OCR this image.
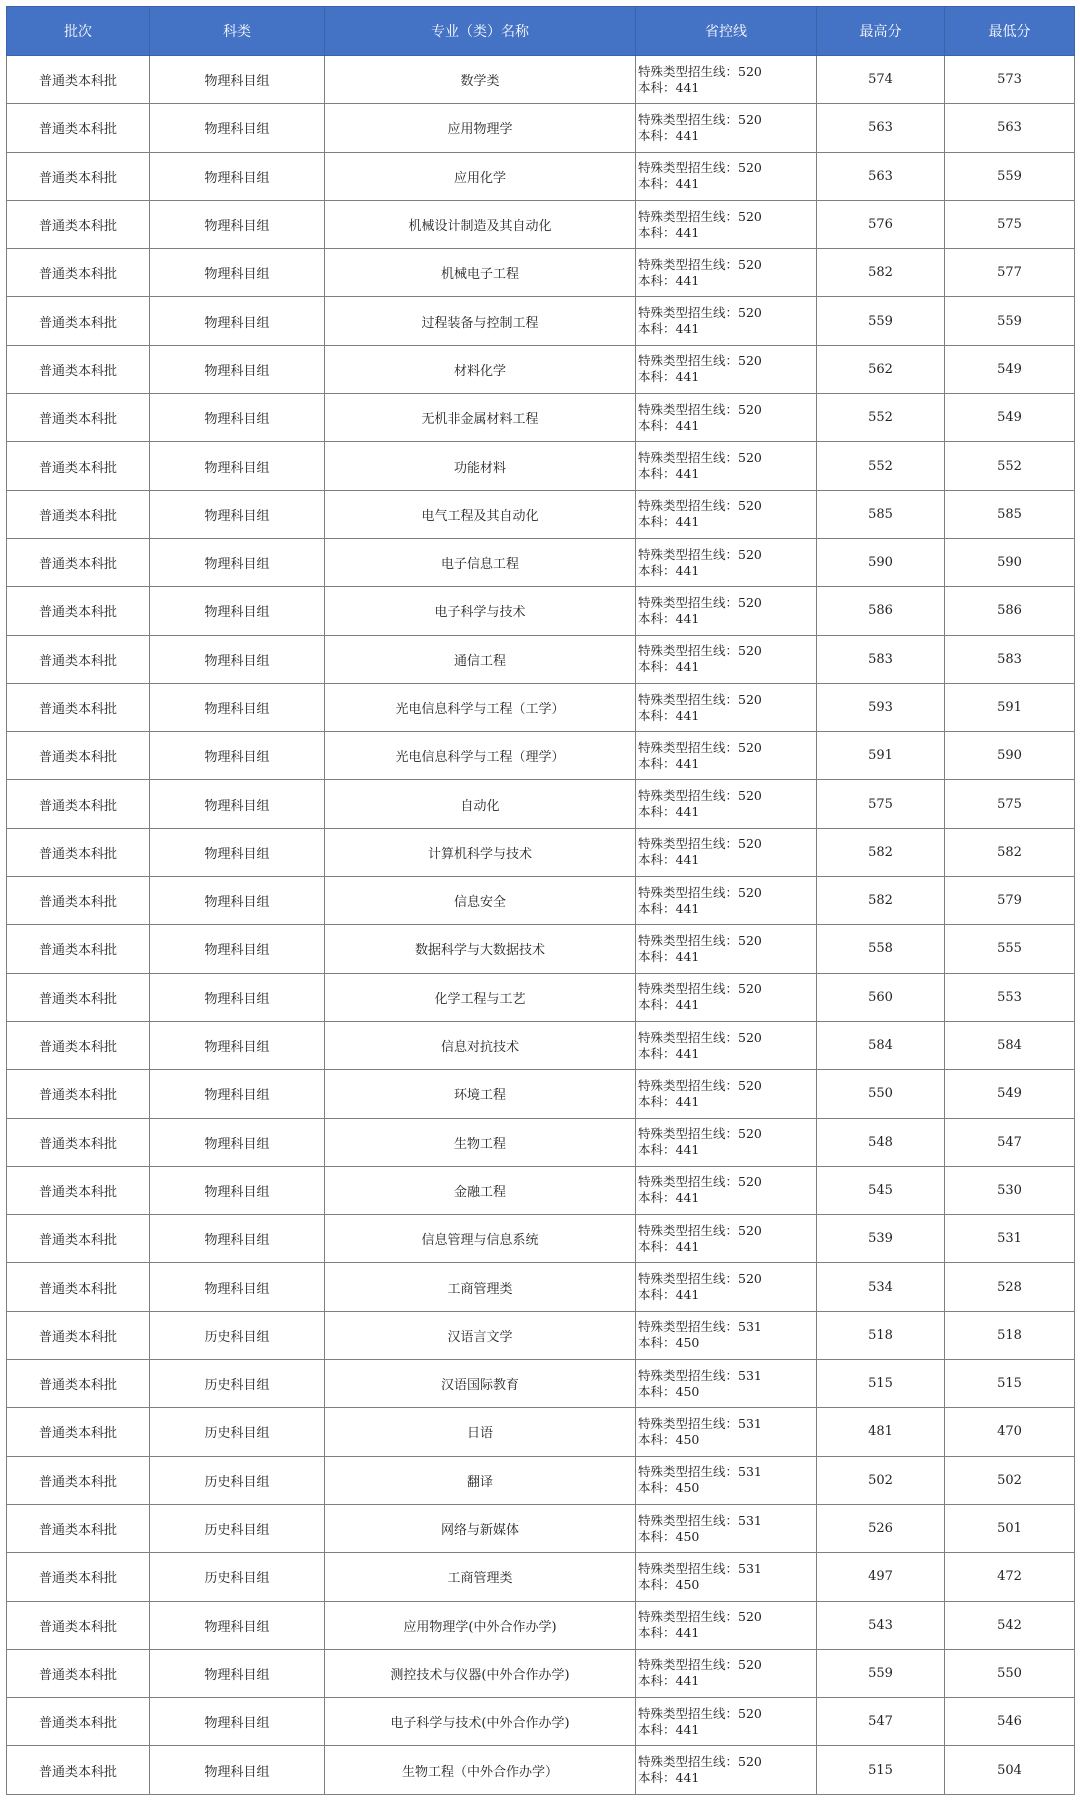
批次	科类	专业（类）名称	省控线	最高分	最低分
普通类本科批	物理科目组	数学类	特殊类型招生线：520
本科：441	574	573
普通类本科批	物理科目组	应用物理学	特殊类型招生线：520
本科：441	563	563
普通类本科批	物理科目组	应用化学	特殊类型招生线：520
本科：441	563	559
普通类本科批	物理科目组	机械设计制造及其自动化	特殊类型招生线：520
本科：441	576	575
普通类本科批	物理科目组	机械电子工程	特殊类型招生线：520
本科：441	582	577
普通类本科批	物理科目组	过程装备与控制工程	特殊类型招生线：520
本科：441	559	559
普通类本科批	物理科目组	材料化学	特殊类型招生线：520
本科：441	562	549
普通类本科批	物理科目组	无机非金属材料工程	特殊类型招生线：520
本科：441	552	549
普通类本科批	物理科目组	功能材料	特殊类型招生线：520
本科：441	552	552
普通类本科批	物理科目组	电气工程及其自动化	特殊类型招生线：520
本科：441	585	585
普通类本科批	物理科目组	电子信息工程	特殊类型招生线：520
本科：441	590	590
普通类本科批	物理科目组	电子科学与技术	特殊类型招生线：520
本科：441	586	586
普通类本科批	物理科目组	通信工程	特殊类型招生线：520
本科：441	583	583
普通类本科批	物理科目组	光电信息科学与工程（工学）	特殊类型招生线：520
本科：441	593	591
普通类本科批	物理科目组	光电信息科学与工程（理学）	特殊类型招生线：520
本科：441	591	590
普通类本科批	物理科目组	自动化	特殊类型招生线：520
本科：441	575	575
普通类本科批	物理科目组	计算机科学与技术	特殊类型招生线：520
本科：441	582	582
普通类本科批	物理科目组	信息安全	特殊类型招生线：520
本科：441	582	579
普通类本科批	物理科目组	数据科学与大数据技术	特殊类型招生线：520
本科：441	558	555
普通类本科批	物理科目组	化学工程与工艺	特殊类型招生线：520
本科：441	560	553
普通类本科批	物理科目组	信息对抗技术	特殊类型招生线：520
本科：441	584	584
普通类本科批	物理科目组	环境工程	特殊类型招生线：520
本科：441	550	549
普通类本科批	物理科目组	生物工程	特殊类型招生线：520
本科：441	548	547
普通类本科批	物理科目组	金融工程	特殊类型招生线：520
本科：441	545	530
普通类本科批	物理科目组	信息管理与信息系统	特殊类型招生线：520
本科：441	539	531
普通类本科批	物理科目组	工商管理类	特殊类型招生线：520
本科：441	534	528
普通类本科批	历史科目组	汉语言文学	特殊类型招生线：531
本科：450	518	518
普通类本科批	历史科目组	汉语国际教育	特殊类型招生线：531
本科：450	515	515
普通类本科批	历史科目组	日语	特殊类型招生线：531
本科：450	481	470
普通类本科批	历史科目组	翻译	特殊类型招生线：531
本科：450	502	502
普通类本科批	历史科目组	网络与新媒体	特殊类型招生线：531
本科：450	526	501
普通类本科批	历史科目组	工商管理类	特殊类型招生线：531
本科：450	497	472
普通类本科批	物理科目组	应用物理学(中外合作办学)	特殊类型招生线：520
本科：441	543	542
普通类本科批	物理科目组	测控技术与仪器(中外合作办学)	特殊类型招生线：520
本科：441	559	550
普通类本科批	物理科目组	电子科学与技术(中外合作办学)	特殊类型招生线：520
本科：441	547	546
普通类本科批	物理科目组	生物工程（中外合作办学）	特殊类型招生线：520
本科：441	515	504
